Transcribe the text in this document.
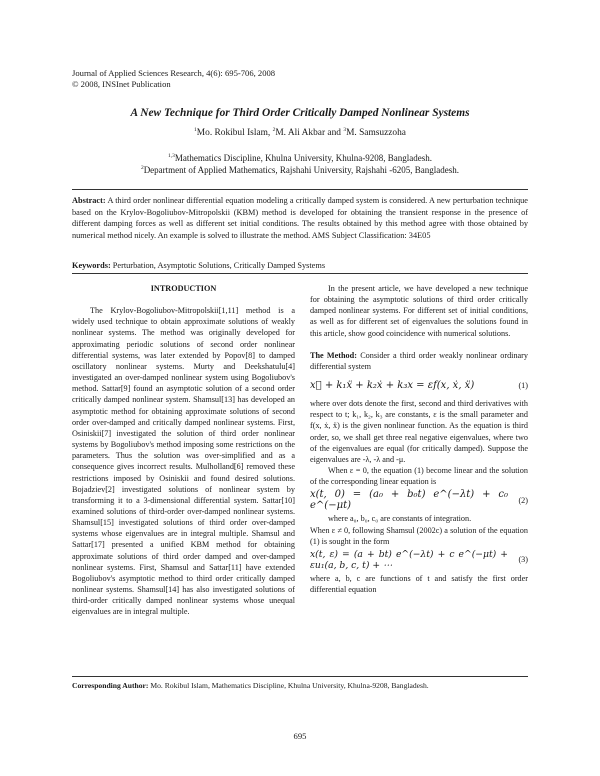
Journal of Applied Sciences Research, 4(6): 695-706, 2008
© 2008, INSInet Publication
A New Technique for Third Order Critically Damped Nonlinear Systems
$^1$Mo. Rokibul Islam, $^2$M. Ali Akbar and $^3$M. Samsuzzoha
$^{1,3}$Mathematics Discipline, Khulna University, Khulna-9208, Bangladesh.
$^2$Department of Applied Mathematics, Rajshahi University, Rajshahi -6205, Bangladesh.
Abstract: A third order nonlinear differential equation modeling a critically damped system is considered. A new perturbation technique based on the Krylov-Bogoliubov-Mitropolskii (KBM) method is developed for obtaining the transient response in the presence of different damping forces as well as different set initial conditions. The results obtained by this method agree with those obtained by numerical method nicely. An example is solved to illustrate the method. AMS Subject Classification: 34E05
Keywords: Perturbation, Asymptotic Solutions, Critically Damped Systems
INTRODUCTION

The Krylov-Bogoliubov-Mitropolskii[1,11] method is a widely used technique to obtain approximate solutions of weakly nonlinear systems. The method was originally developed for approximating periodic solutions of second order nonlinear differential systems, was later extended by Popov[8] to damped oscillatory nonlinear systems. Murty and Deekshatulu[4] investigated an over-damped nonlinear system using Bogoliubov's method. Sattar[9] found an asymptotic solution of a second order critically damped nonlinear system. Shamsul[13] has developed an asymptotic method for obtaining approximate solutions of second order over-damped and critically damped nonlinear systems. First, Osiniskii[7] investigated the solution of third order nonlinear systems by Bogoliubov's method imposing some restrictions on the parameters. Thus the solution was over-simplified and as a consequence gives incorrect results. Mulholland[6] removed these restrictions imposed by Osiniskii and found desired solutions. Bojadziev[2] investigated solutions of nonlinear system by transforming it to a 3-dimensional differential system. Sattar[10] examined solutions of third-order over-damped nonlinear systems. Shamsul[15] investigated solutions of third order over-damped systems whose eigenvalues are in integral multiple. Shamsul and Sattar[17] presented a unified KBM method for obtaining approximate solutions of third order damped and over-damped nonlinear systems. First, Shamsul and Sattar[11] have extended Bogoliubov's asymptotic method to third order critically damped nonlinear systems. Shamsul[14] has also investigated solutions of third-order critically damped nonlinear systems whose unequal eigenvalues are in integral multiple.

In the present article, we have developed a new technique for obtaining the asymptotic solutions of third order critically damped nonlinear systems. For different set of initial conditions, as well as for different set of eigenvalues the solutions found in this article, show good coincidence with numerical solutions.

The Method: Consider a third order weakly nonlinear ordinary differential system
x⃛ + k₁ẍ + k₂ẋ + k₃x = εf(x, ẋ, ẍ)	(1)
where over dots denote the first, second and third derivatives with respect to t; k₁, k₂, k₃ are constants, ε is the small parameter and f(x, ẋ, ẍ) is the given nonlinear function. As the equation is third order, so, we shall get three real negative eigenvalues, where two of the eigenvalues are equal (for critically damped). Suppose the eigenvalues are -λ, -λ and -μ.

When ε = 0, the equation (1) become linear and the solution of the corresponding linear equation is

x(t, 0) = (a₀ + b₀t) e^(−λt) + c₀ e^(−μt)
(2)

where a₀, b₀, c₀ are constants of integration.

When ε ≠ 0, following Shamsul (2002c) a solution of the equation (1) is sought in the form
x(t, ε) = (a + bt) e^(−λt) + c e^(−μt) + εu₁(a, b, c, t) + ⋯
(3)
where a, b, c are functions of t and satisfy the first order differential equation
Corresponding Author: Mo. Rokibul Islam, Mathematics Discipline, Khulna University, Khulna-9208, Bangladesh.
695
